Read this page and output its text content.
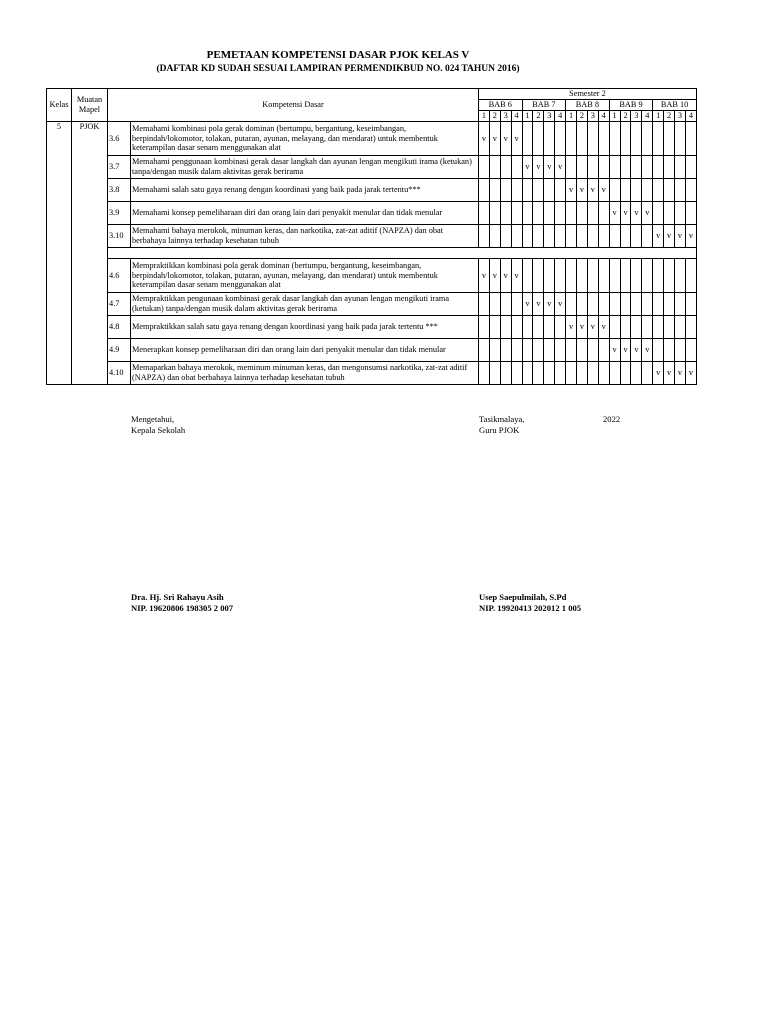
PEMETAAN KOMPETENSI DASAR PJOK KELAS V
(DAFTAR KD SUDAH SESUAI LAMPIRAN PERMENDIKBUD NO. 024 TAHUN 2016)
Kelas	Muatan Mapel	Kompetensi Dasar		Semester 2																			
				BAB 6				BAB 7				BAB 8				BAB 9				BAB 10			
				1	2	3	4	1	2	3	4	1	2	3	4	1	2	3	4	1	2	3	4
5	PJOK	3.6	Memahami kombinasi pola gerak dominan (bertumpu, bergantung, keseimbangan, berpindah/lokomotor, tolakan, putaran, ayunan, melayang, dan mendarat) untuk membentuk keterampilan dasar senam menggunakan alat	v	v	v	v																
		3.7	Memahami penggunaan kombinasi gerak dasar langkah dan ayunan lengan mengikuti irama (ketukan) tanpa/dengan musik dalam aktivitas gerak berirama					v	v	v	v												
		3.8	Memahami salah satu gaya renang dengan koordinasi yang baik pada jarak tertentu***									v	v	v	v								
		3.9	Memahami konsep pemeliharaan diri dan orang lain dari penyakit menular dan tidak menular													v	v	v	v				
		3.10	Memahami bahaya merokok, minuman keras, dan narkotika, zat-zat aditif (NAPZA) dan obat berbahaya lainnya terhadap kesehatan tubuh																	v	v	v	v

		4.6	Mempraktikkan kombinasi pola gerak dominan (bertumpu, bergantung, keseimbangan, berpindah/lokomotor, tolakan, putaran, ayunan, melayang, dan mendarat) untuk membentuk keterampilan dasar senam menggunakan alat	v	v	v	v																
		4.7	Mempraktikkan pengunaan kombinasi gerak dasar langkah dan ayunan lengan mengikuti irama (ketukan) tanpa/dengan musik dalam aktivitas gerak berirama					v	v	v	v												
		4.8	Mempraktikkan salah satu gaya renang dengan koordinasi yang baik pada jarak tertentu ***									v	v	v	v								
		4.9	Menerapkan konsep pemeliharaan diri dan orang lain dari penyakit menular dan tidak menular													v	v	v	v				
		4.10	Memaparkan bahaya merokok, meminum minuman keras, dan mengonsumsi narkotika, zat-zat aditif (NAPZA) dan obat berbahaya lainnya terhadap kesehatan tubuh																	v	v	v	v
Mengetahui,
Kepala Sekolah
Tasikmalaya,
Guru PJOK
2022
Dra. Hj. Sri Rahayu Asih
NIP. 19620806 198305 2 007
Usep Saepulmilah, S.Pd
NIP. 19920413 202012 1 005
